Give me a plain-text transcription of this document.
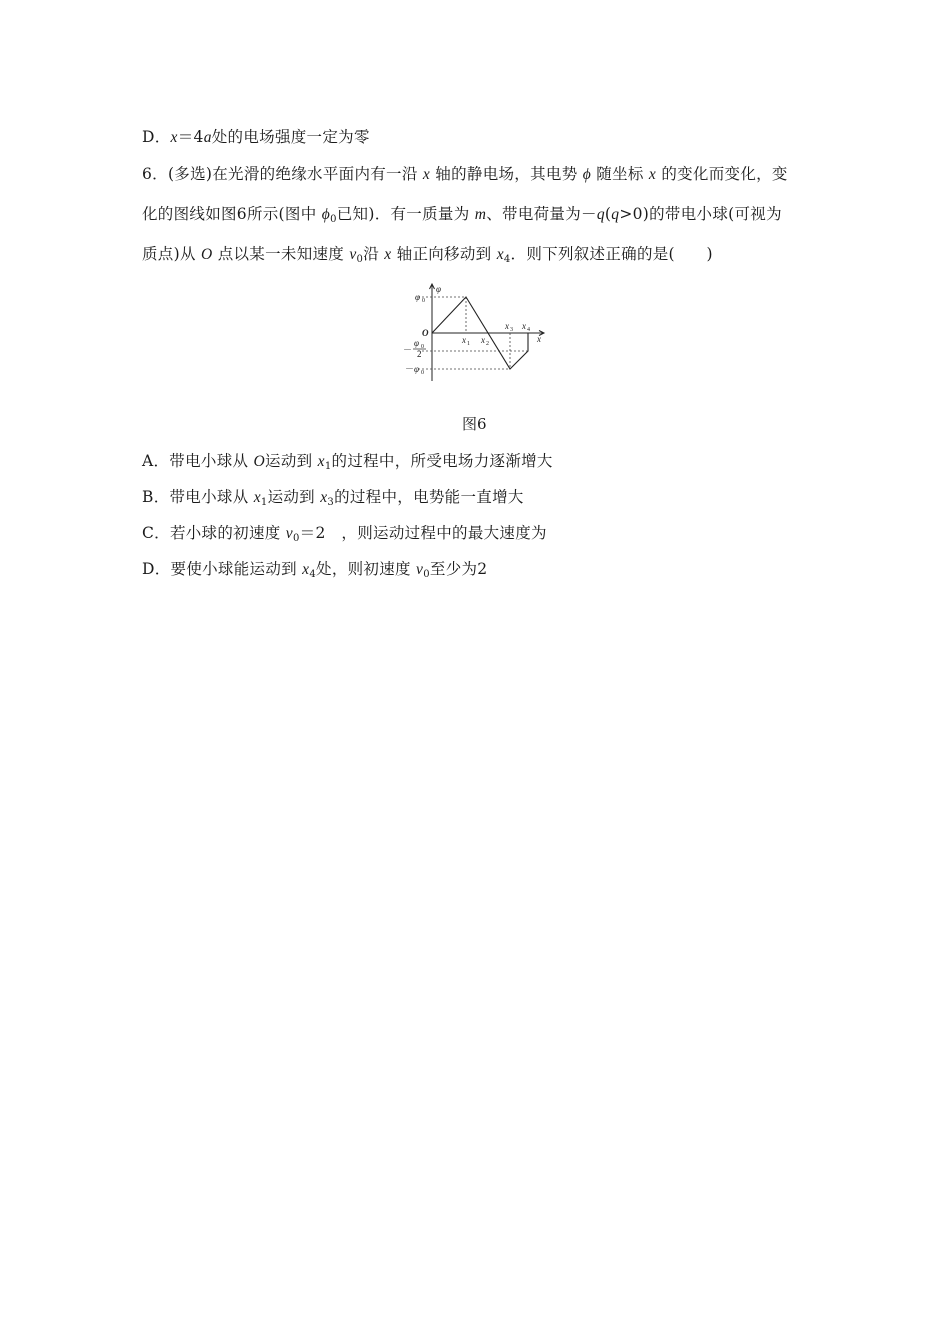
D．x＝4a处的电场强度一定为零
6．(多选)在光滑的绝缘水平面内有一沿 x 轴的静电场，其电势 ϕ 随坐标 x 的变化而变化，变
化的图线如图6所示(图中 $\phi_0$已知)．有一质量为 m、带电荷量为－q(q>0)的带电小球(可视为
质点)从 O 点以某一未知速度 $v_0$沿 x 轴正向移动到 $x_4$．则下列叙述正确的是(　　)
φ
x
O
φ 0
－
φ 0
2
－ φ 0
x 1 x 2
x 3 x 4
图6
A．带电小球从 O运动到 $x_1$的过程中，所受电场力逐渐增大
B．带电小球从 $x_1$运动到 $x_3$的过程中，电势能一直增大
C．若小球的初速度 $v_0=2$　，则运动过程中的最大速度为
D．要使小球能运动到 $x_4$处，则初速度 $v_0$至少为2
